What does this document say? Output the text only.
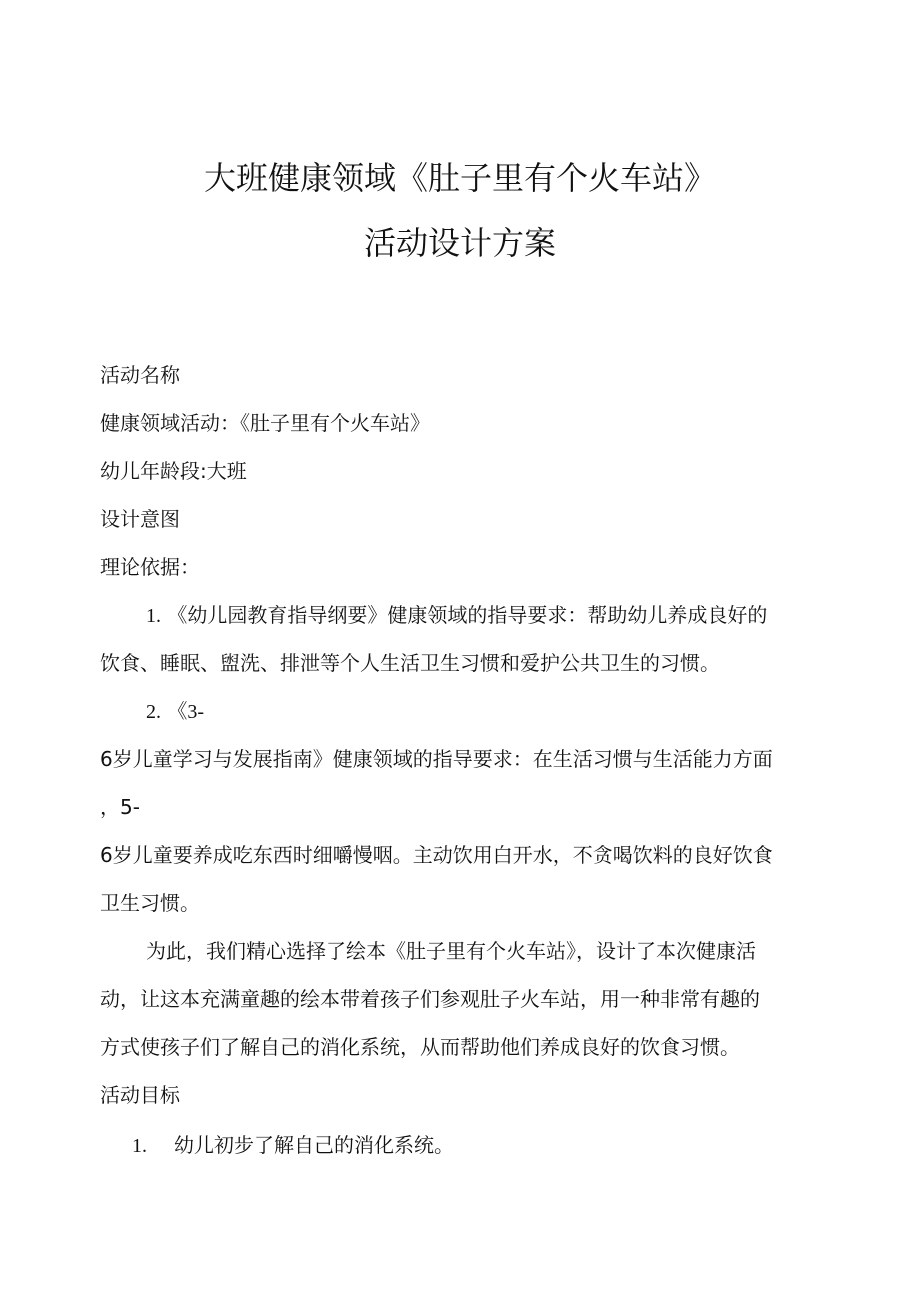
大班健康领域《肚子里有个火车站》
活动设计方案
活动名称
健康领域活动：《肚子里有个火车站》
幼儿年龄段:大班
设计意图
理论依据：
1. 《幼儿园教育指导纲要》健康领域的指导要求：帮助幼儿养成良好的
饮食、睡眠、盥洗、排泄等个人生活卫生习惯和爱护公共卫生的习惯。
2. 《3-
6岁儿童学习与发展指南》健康领域的指导要求：在生活习惯与生活能力方面
，5-
6岁儿童要养成吃东西时细嚼慢咽。主动饮用白开水，不贪喝饮料的良好饮食
卫生习惯。
为此，我们精心选择了绘本《肚子里有个火车站》，设计了本次健康活
动，让这本充满童趣的绘本带着孩子们参观肚子火车站，用一种非常有趣的
方式使孩子们了解自己的消化系统，从而帮助他们养成良好的饮食习惯。
活动目标
1. 幼儿初步了解自己的消化系统。
